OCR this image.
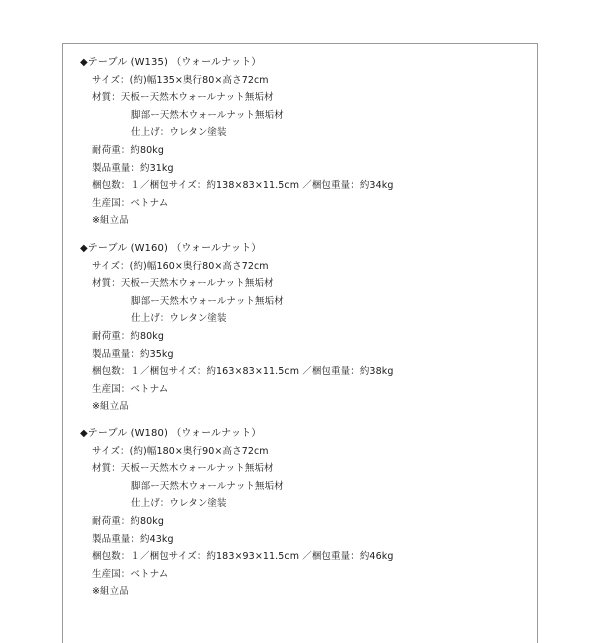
◆テーブル (W135) （ウォールナット）
サイズ：(約)幅135×奥行80×高さ72cm
材質：天板ー天然木ウォールナット無垢材
脚部ー天然木ウォールナット無垢材
仕上げ：ウレタン塗装
耐荷重：約80kg
製品重量：約31kg
梱包数：１／梱包サイズ：約138×83×11.5cm ／梱包重量：約34kg
生産国：ベトナム
※組立品
◆テーブル (W160) （ウォールナット）
サイズ：(約)幅160×奥行80×高さ72cm
材質：天板ー天然木ウォールナット無垢材
脚部ー天然木ウォールナット無垢材
仕上げ：ウレタン塗装
耐荷重：約80kg
製品重量：約35kg
梱包数：１／梱包サイズ：約163×83×11.5cm ／梱包重量：約38kg
生産国：ベトナム
※組立品
◆テーブル (W180) （ウォールナット）
サイズ：(約)幅180×奥行90×高さ72cm
材質：天板ー天然木ウォールナット無垢材
脚部ー天然木ウォールナット無垢材
仕上げ：ウレタン塗装
耐荷重：約80kg
製品重量：約43kg
梱包数：１／梱包サイズ：約183×93×11.5cm ／梱包重量：約46kg
生産国：ベトナム
※組立品
